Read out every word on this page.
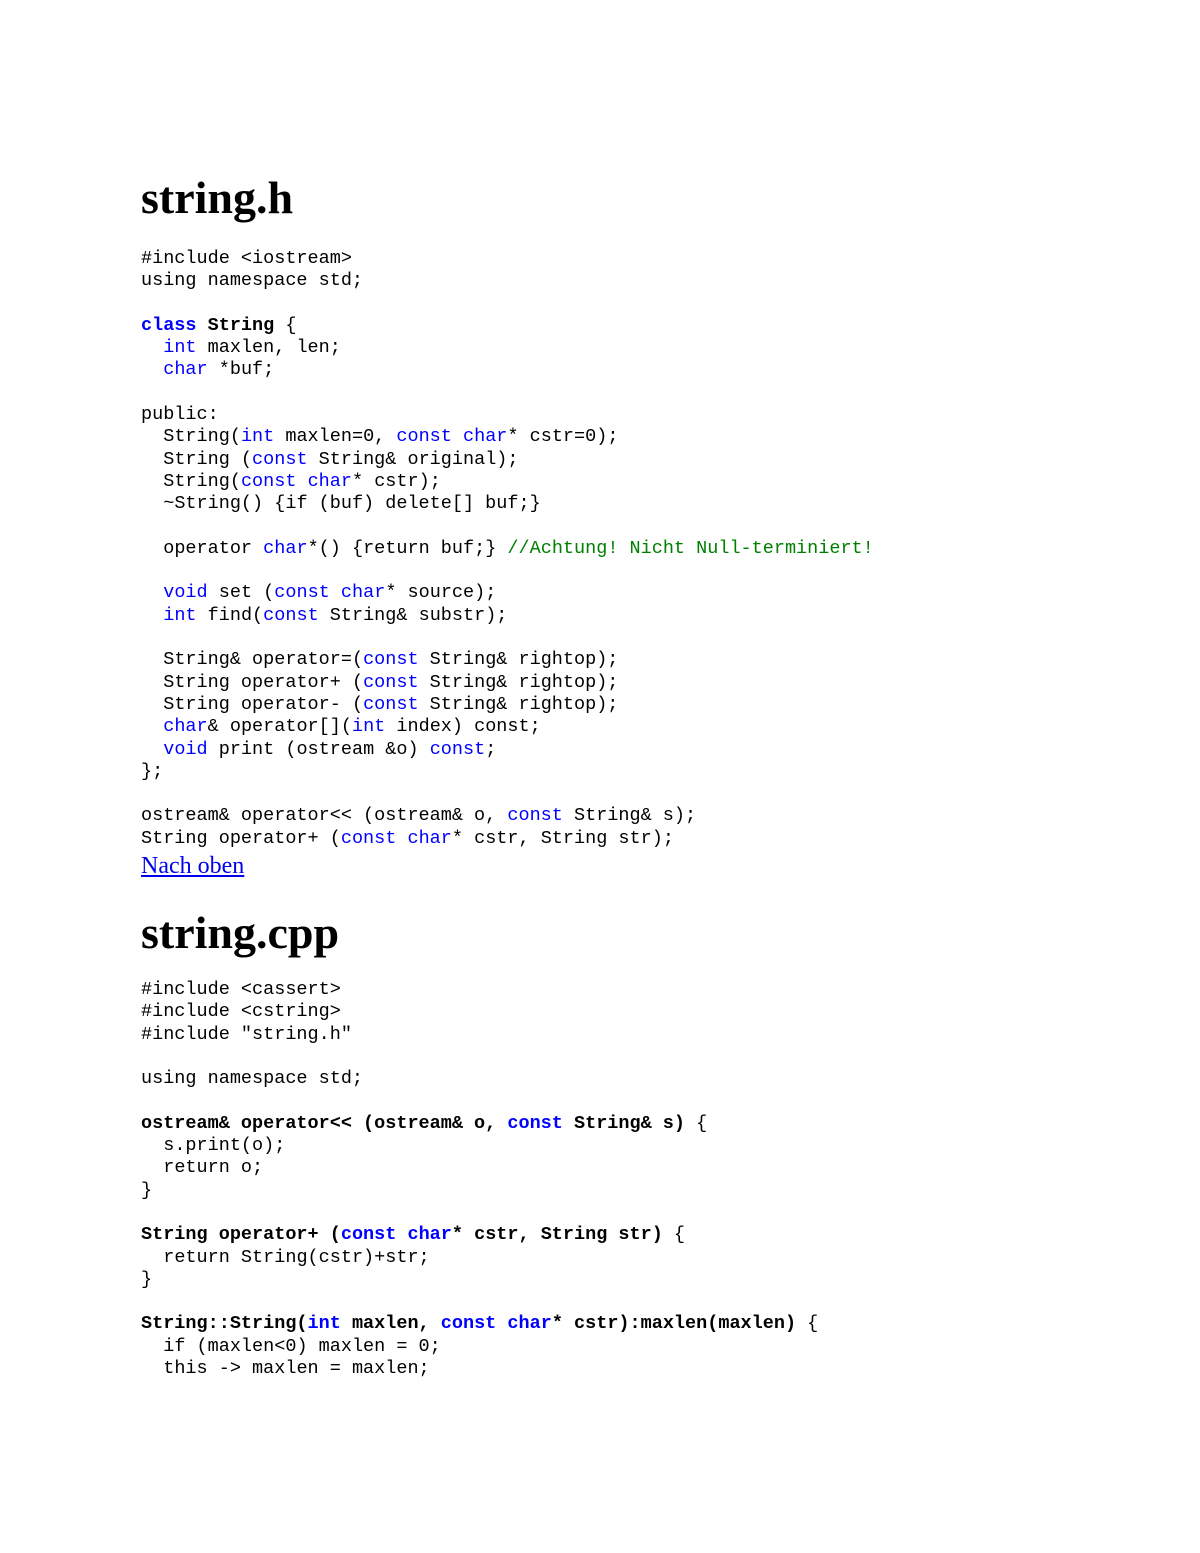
string.h
#include <iostream>
using namespace std;
class String {
int maxlen, len;
char *buf;
public:
String(int maxlen=0, const char* cstr=0);
String (const String& original);
String(const char* cstr);
~String() {if (buf) delete[] buf;}
operator char*() {return buf;} //Achtung! Nicht Null-terminiert!
void set (const char* source);
int find(const String& substr);
String& operator=(const String& rightop);
String operator+ (const String& rightop);
String operator- (const String& rightop);
char& operator[](int index) const;
void print (ostream &o) const;
};
ostream& operator<< (ostream& o, const String& s);
String operator+ (const char* cstr, String str);
Nach oben
string.cpp
#include <cassert>
#include <cstring>
#include "string.h"
using namespace std;
ostream& operator<< (ostream& o, const String& s) {
s.print(o);
return o;
}
String operator+ (const char* cstr, String str) {
return String(cstr)+str;
}
String::String(int maxlen, const char* cstr):maxlen(maxlen) {
if (maxlen<0) maxlen = 0;
this -> maxlen = maxlen;
